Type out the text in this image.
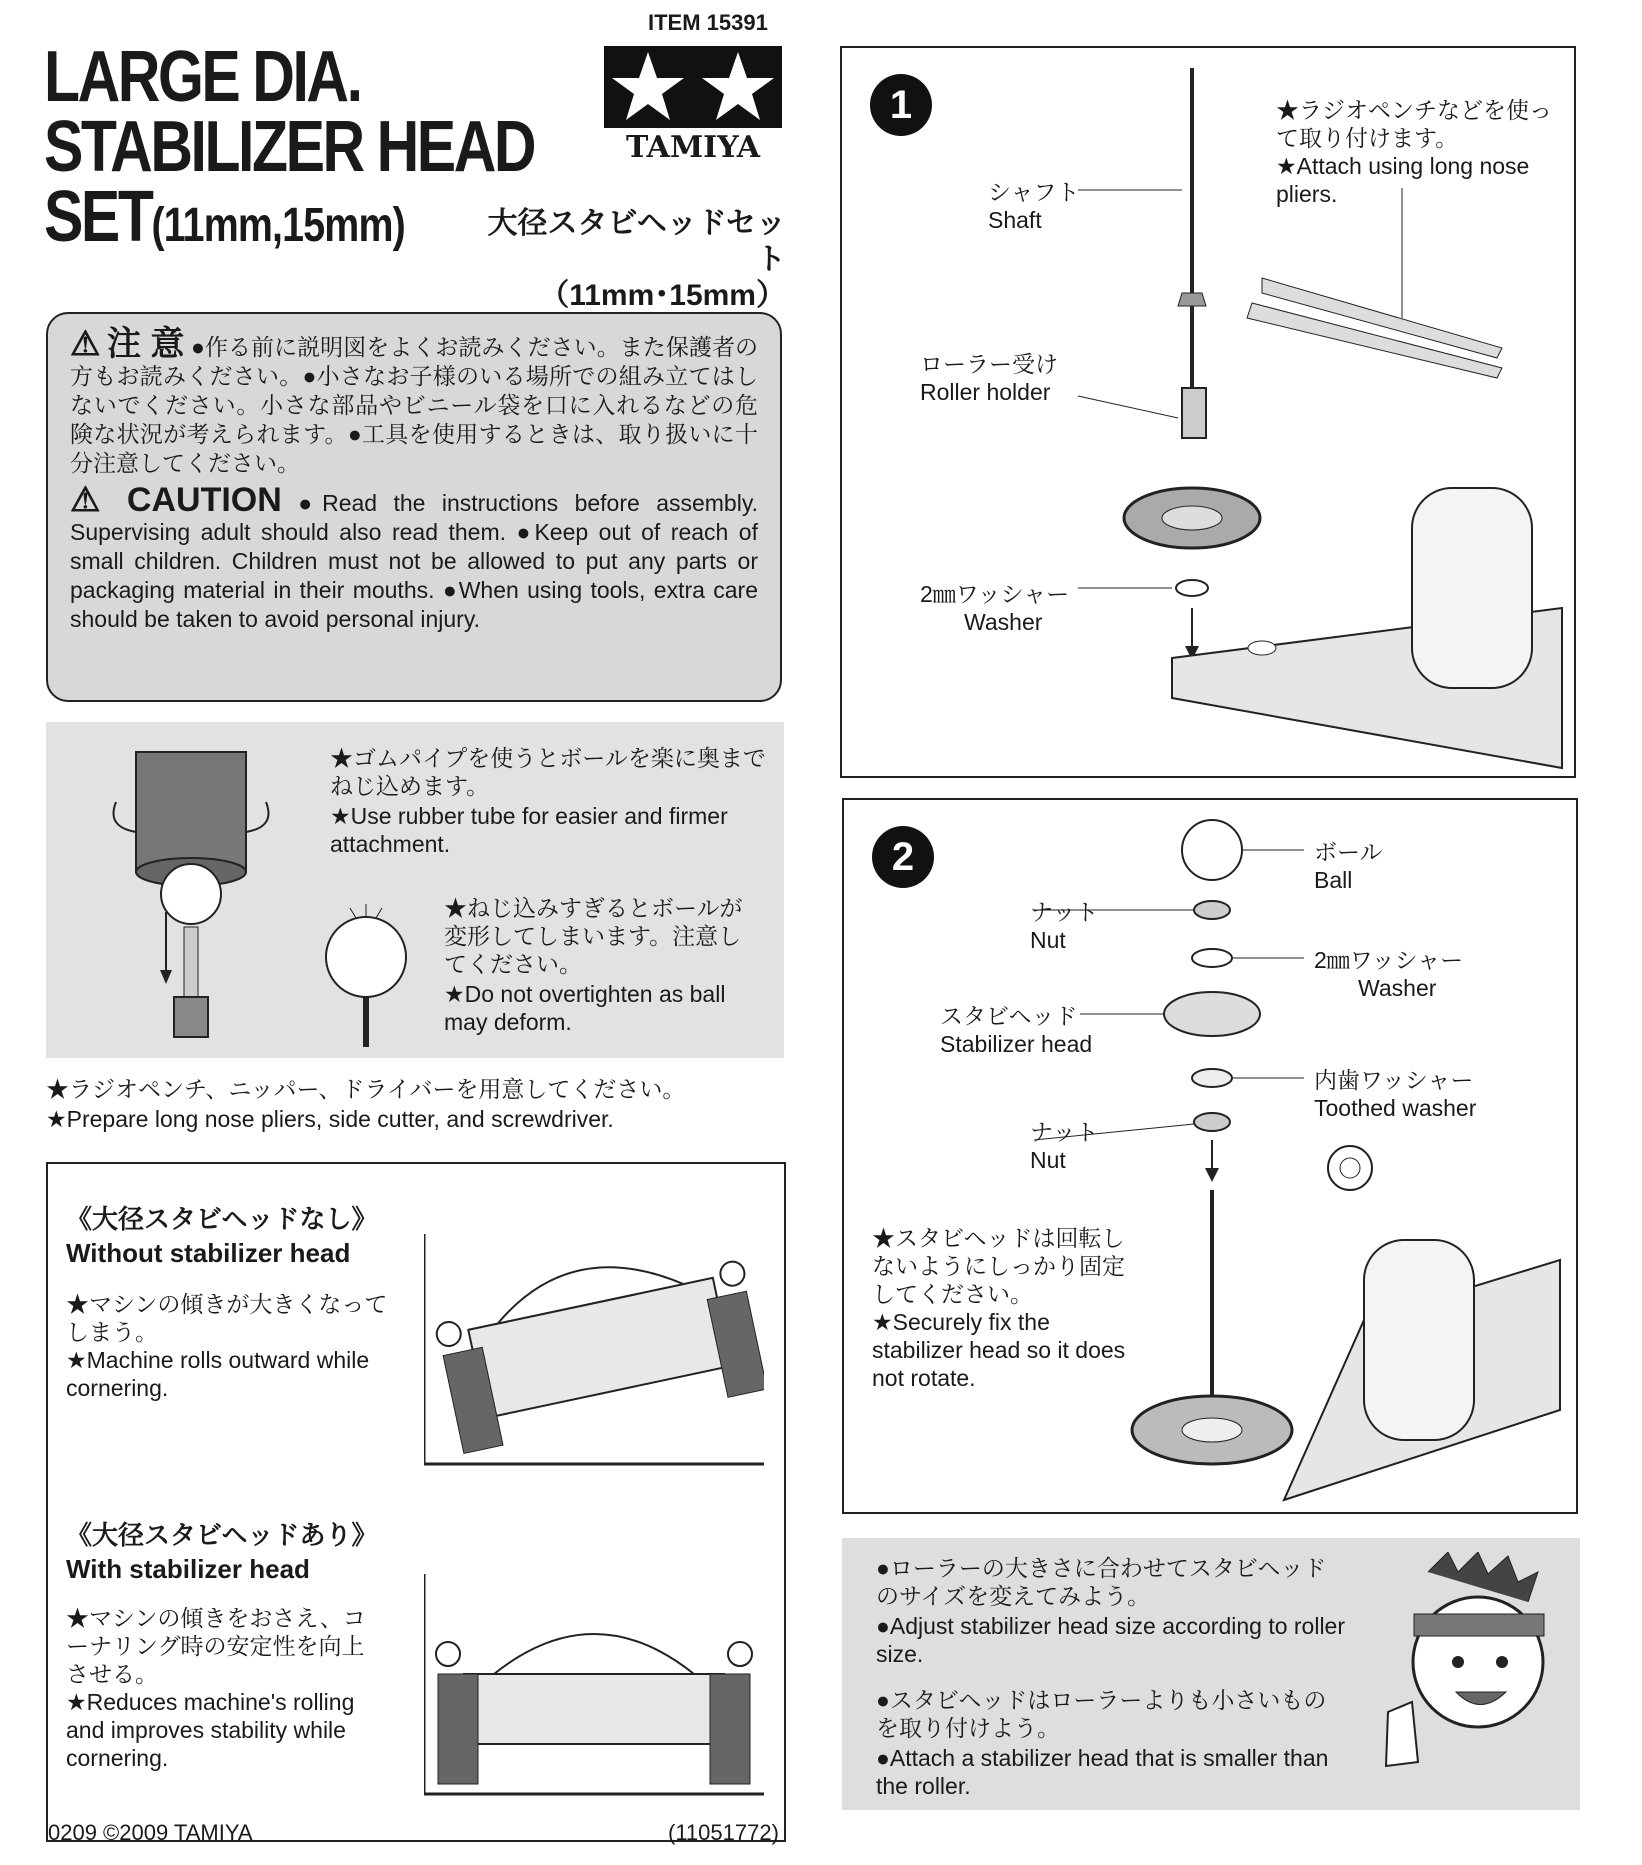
ITEM 15391
LARGE DIA.
STABILIZER HEAD
SET(11mm,15mm)
TAMIYA
大径スタビヘッドセット
（11mm･15mm）

⚠ 注 意 ●作る前に説明図をよくお読みください。また保護者の方もお読みください。●小さなお子様のいる場所での組み立てはしないでください。小さな部品やビニール袋を口に入れるなどの危険な状況が考えられます。●工具を使用するときは、取り扱いに十分注意してください。

⚠ CAUTION ●Read the instructions before assembly. Supervising adult should also read them. ●Keep out of reach of small children. Children must not be allowed to put any parts or packaging material in their mouths. ●When using tools, extra care should be taken to avoid personal injury.

★ゴムパイプを使うとボールを楽に奥までねじ込めます。
★Use rubber tube for easier and firmer attachment.
★ねじ込みすぎるとボールが変形してしまいます。注意してください。
★Do not overtighten as ball may deform.
★ラジオペンチ、ニッパー、ドライバーを用意してください。
★Prepare long nose pliers, side cutter, and screwdriver.
《大径スタビヘッドなし》
Without stabilizer head
★マシンの傾きが大きくなってしまう。
★Machine rolls outward while cornering.
《大径スタビヘッドあり》
With stabilizer head
★マシンの傾きをおさえ、コーナリング時の安定性を向上させる。
★Reduces machine's rolling and improves stability while cornering.
0209 ©2009 TAMIYA	(11051772)
1
シャフト
Shaft
★ラジオペンチなどを使って取り付けます。
★Attach using long nose pliers.
ローラー受け
Roller holder
2㎜ワッシャー
Washer
2	ボール
Ball
ナット
Nut
2㎜ワッシャー
Washer
スタビヘッド
Stabilizer head
内歯ワッシャー
Toothed washer
ナット
Nut
★スタビヘッドは回転しないようにしっかり固定してください。
★Securely fix the stabilizer head so it does not rotate.
●ローラーの大きさに合わせてスタビヘッドのサイズを変えてみよう。
●Adjust stabilizer head size according to roller size.
●スタビヘッドはローラーよりも小さいものを取り付けよう。
●Attach a stabilizer head that is smaller than the roller.
